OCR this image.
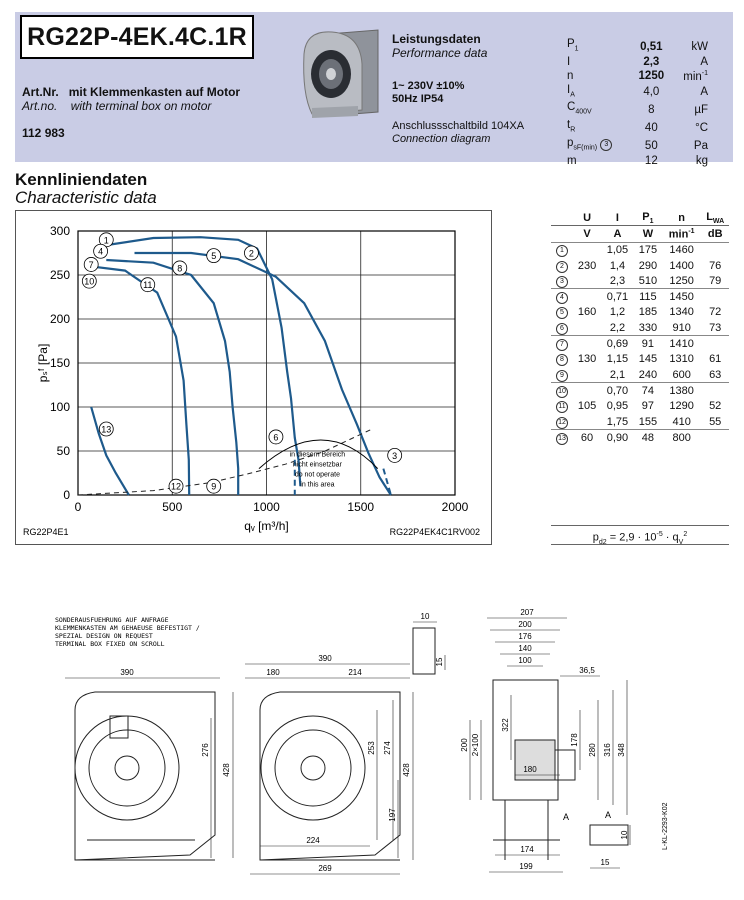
RG22P-4EK.4C.1R
Art.Nr. mit Klemmenkasten auf Motor
Art.no. with terminal box on motor
112 983
Leistungsdaten
Performance data
1~ 230V ±10%
50Hz IP54
Anschlussschaltbild 104XA
Connection diagram
$P_1$	0,51	kW
I	2,3	A
n	1250	$\min^{-1}$
$I_A$	4,0	A
$C_{400V}$	8	µF
$t_R$	40	°C
$p_{sF(min)}$ 3	50	Pa
m	12	kg
Kennliniendaten
Characteristic data
0	500	1000	1500	2000
0
50
100
150
200
250
300
qᵥ [m³/h]
pₛᶠ [Pa]
in diesem Bereich
nicht einsetzbar
do not operate
in this area
1
2
3
4	5
6
7	8
9
10	11
12
13
RG22P4E1	RG22P4EK4C1RV002
	U	I	$P_1$	n	$L_{WA}$
	V	A	W	$\min^{-1}$	dB
1		1,05	175	1460	
2	230	1,4	290	1400	76
3		2,3	510	1250	79
4		0,71	115	1450	
5	160	1,2	185	1340	72
6		2,2	330	910	73
7		0,69	91	1410	
8	130	1,15	145	1310	61
9		2,1	240	600	63
10		0,70	74	1380	
11	105	0,95	97	1290	52
12		1,75	155	410	55
13	60	0,90	48	800	
$p_{d2} = 2,9 \cdot 10^{-5} \cdot q_V^2$
SONDERAUSFUEHRUNG AUF ANFRAGE
KLEMMENKASTEN AM GEHAEUSE BEFESTIGT /
SPEZIAL DESIGN ON REQUEST
TERMINAL BOX FIXED ON SCROLL
390
276
428
390
180	214
253 274
428
197
224
269
10
15
207
200
176
140
100
36,5
322
178
280 316 348
200 2×100
180
174
199
10
15
A	A	L-KL-2293-K02
